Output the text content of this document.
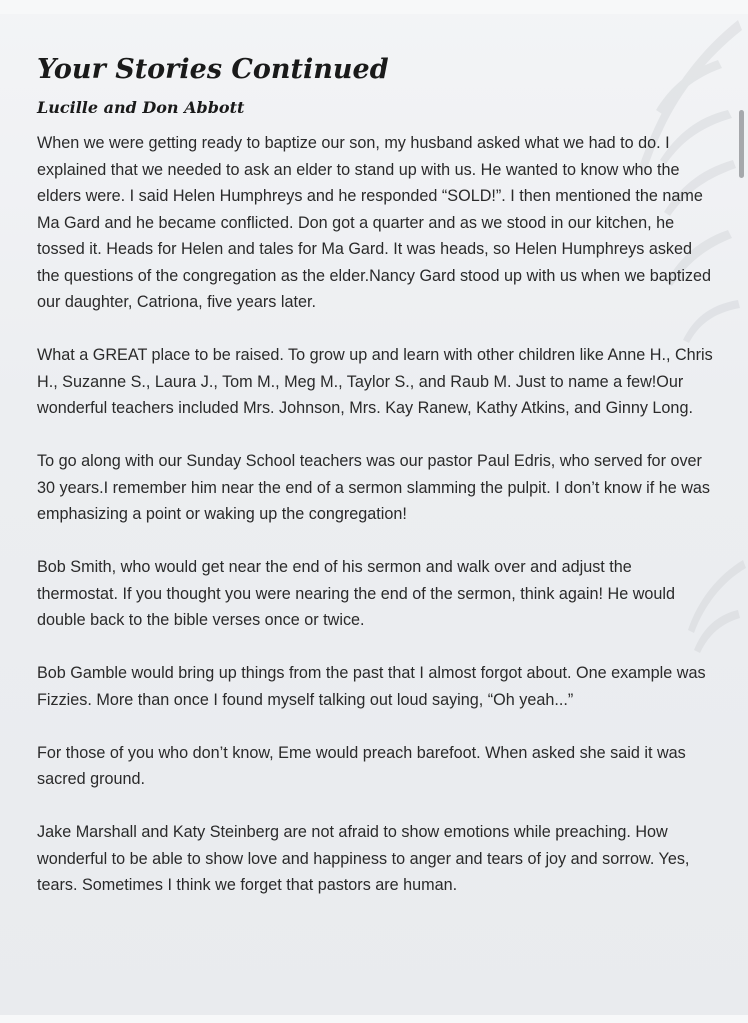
Your Stories Continued
Lucille and Don Abbott

When we were getting ready to baptize our son, my husband asked what we had to do. I explained that we needed to ask an elder to stand up with us. He wanted to know who the elders were. I said Helen Humphreys and he responded “SOLD!”. I then mentioned the name Ma Gard and he became conflicted. Don got a quarter and as we stood in our kitchen, he tossed it. Heads for Helen and tales for Ma Gard. It was heads, so Helen Humphreys asked the questions of the congregation as the elder.Nancy Gard stood up with us when we baptized our daughter, Catriona, five years later.

What a GREAT place to be raised. To grow up and learn with other children like Anne H., Chris H., Suzanne S., Laura J., Tom M., Meg M., Taylor S., and Raub M. Just to name a few!Our wonderful teachers included Mrs. Johnson, Mrs. Kay Ranew, Kathy Atkins, and Ginny Long.

To go along with our Sunday School teachers was our pastor Paul Edris, who served for over 30 years.I remember him near the end of a sermon slamming the pulpit. I don’t know if he was emphasizing a point or waking up the congregation!

Bob Smith, who would get near the end of his sermon and walk over and adjust the thermostat. If you thought you were nearing the end of the sermon, think again! He would double back to the bible verses once or twice.

Bob Gamble would bring up things from the past that I almost forgot about. One example was Fizzies. More than once I found myself talking out loud saying, “Oh yeah...”

For those of you who don’t know, Eme would preach barefoot. When asked she said it was sacred ground.

Jake Marshall and Katy Steinberg are not afraid to show emotions while preaching. How wonderful to be able to show love and happiness to anger and tears of joy and sorrow. Yes, tears. Sometimes I think we forget that pastors are human.
